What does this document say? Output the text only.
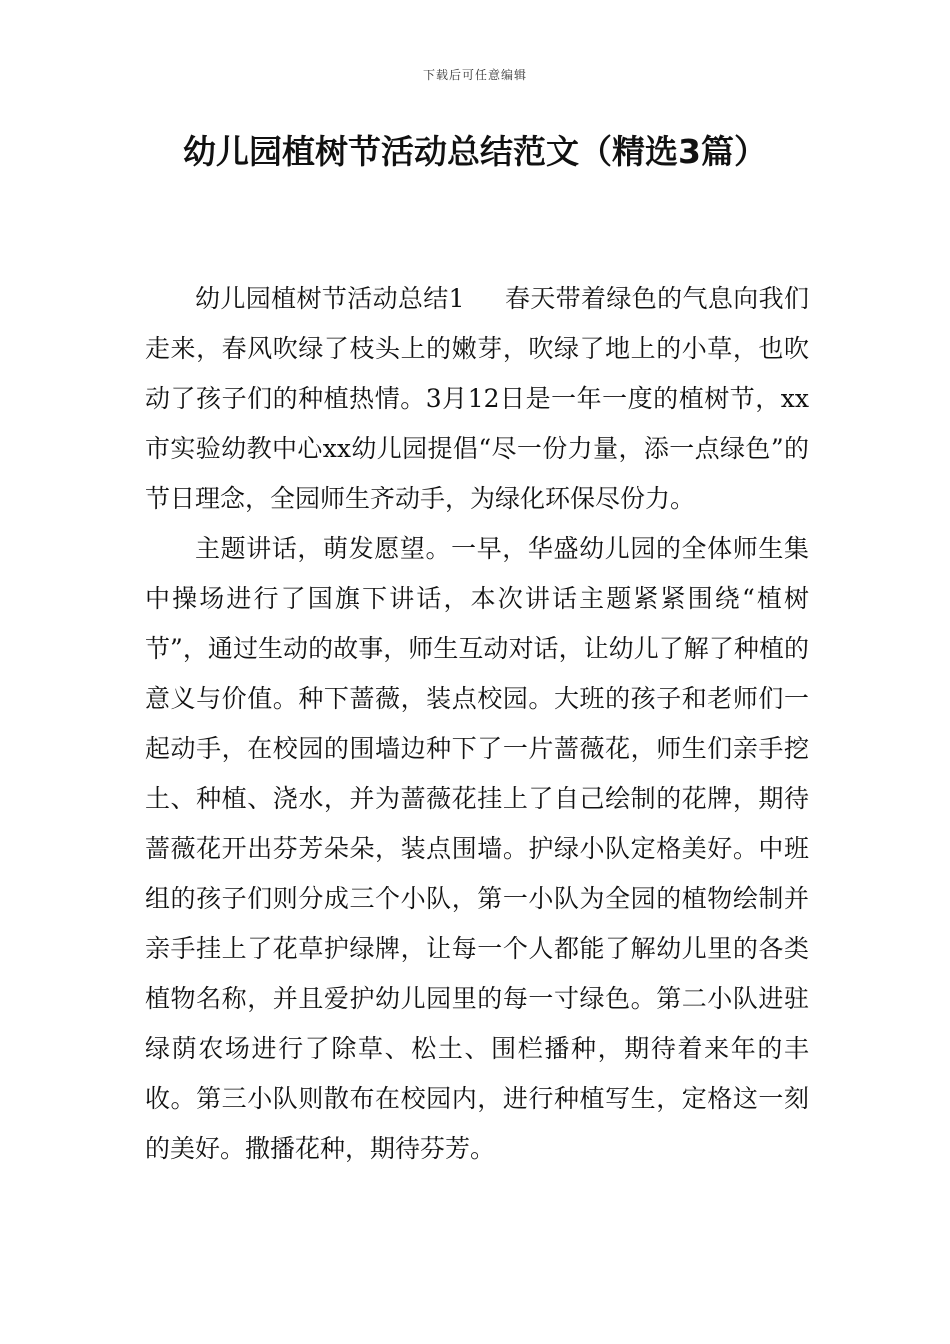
下载后可任意编辑
幼儿园植树节活动总结范文（精选3篇）

幼儿园植树节活动总结1 春天带着绿色的气息向我们走来，春风吹绿了枝头上的嫩芽，吹绿了地上的小草，也吹动了孩子们的种植热情。3月12日是一年一度的植树节，xx市实验幼教中心xx幼儿园提倡“尽一份力量，添一点绿色”的节日理念，全园师生齐动手，为绿化环保尽份力。

主题讲话，萌发愿望。一早，华盛幼儿园的全体师生集中操场进行了国旗下讲话，本次讲话主题紧紧围绕“植树节”，通过生动的故事，师生互动对话，让幼儿了解了种植的意义与价值。种下蔷薇，装点校园。大班的孩子和老师们一起动手，在校园的围墙边种下了一片蔷薇花，师生们亲手挖土、种植、浇水，并为蔷薇花挂上了自己绘制的花牌，期待蔷薇花开出芬芳朵朵，装点围墙。护绿小队定格美好。中班组的孩子们则分成三个小队，第一小队为全园的植物绘制并亲手挂上了花草护绿牌，让每一个人都能了解幼儿里的各类植物名称，并且爱护幼儿园里的每一寸绿色。第二小队进驻绿荫农场进行了除草、松土、围栏播种，期待着来年的丰收。第三小队则散布在校园内，进行种植写生，定格这一刻的美好。撒播花种，期待芬芳。
